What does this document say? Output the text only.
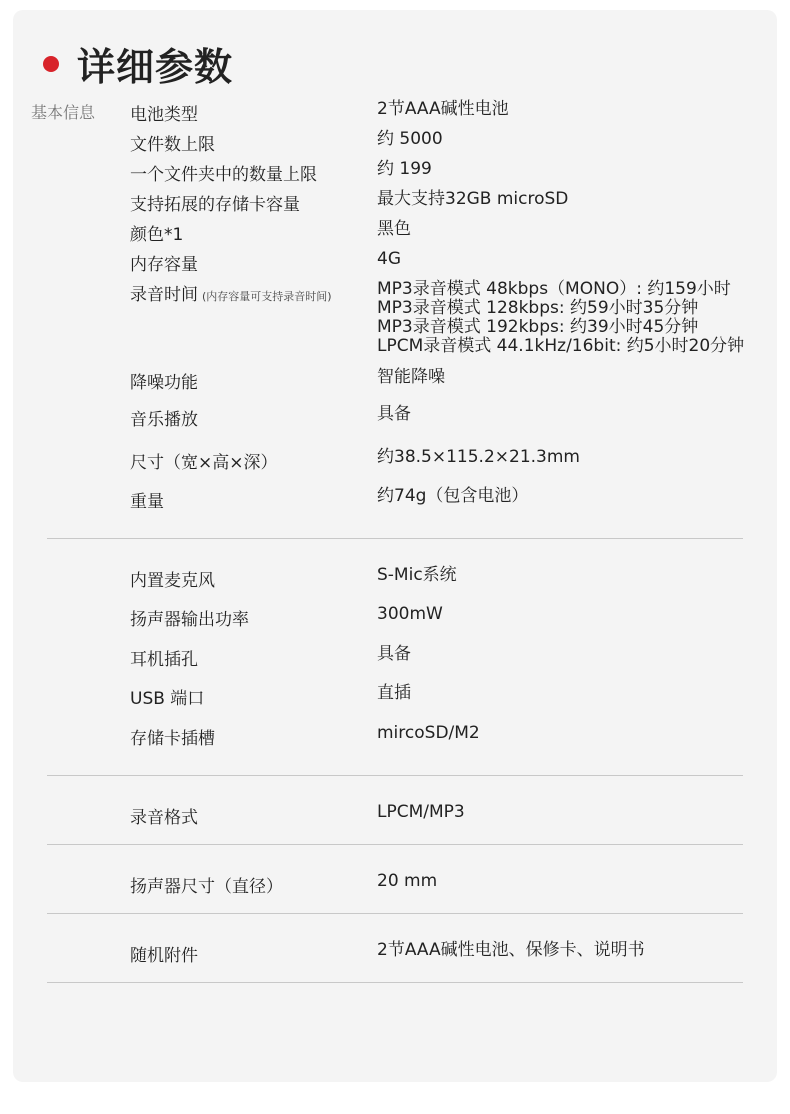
详细参数
基本信息 电池类型	2节AAA碱性电池
文件数上限	约 5000
一个文件夹中的数量上限	约 199
支持拓展的存储卡容量	最大支持32GB microSD
颜色*1	黑色
内存容量	4G
录音时间 (内存容量可支持录音时间)	MP3录音模式 48kbps（MONO）: 约159小时
MP3录音模式 128kbps: 约59小时35分钟
MP3录音模式 192kbps: 约39小时45分钟
LPCM录音模式 44.1kHz/16bit: 约5小时20分钟
降噪功能	智能降噪
音乐播放	具备
尺寸（宽×高×深）	约38.5×115.2×21.3mm
重量	约74g（包含电池）
内置麦克风	S-Mic系统
扬声器输出功率	300mW
耳机插孔	具备
USB 端口	直插
存储卡插槽	mircoSD/M2
录音格式	LPCM/MP3
扬声器尺寸（直径）	20 mm
随机附件	2节AAA碱性电池、保修卡、说明书
